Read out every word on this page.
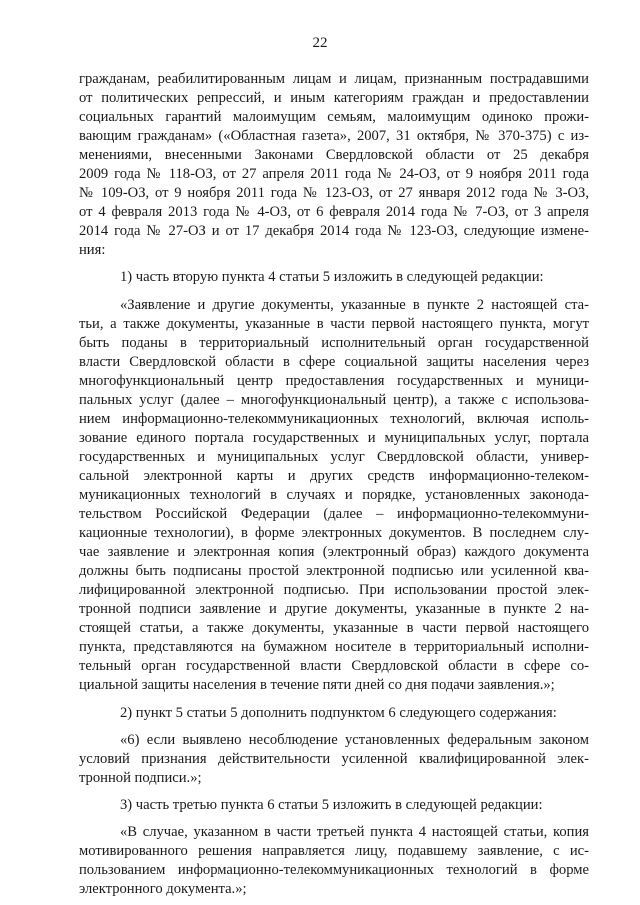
22
гражданам, реабилитированным лицам и лицам, признанным пострадавшими
от политических репрессий, и иным категориям граждан и предоставлении
социальных гарантий малоимущим семьям, малоимущим одиноко прожи-
вающим гражданам» («Областная газета», 2007, 31 октября, № 370-375) с из-
менениями, внесенными Законами Свердловской области от 25 декабря
2009 года № 118-ОЗ, от 27 апреля 2011 года № 24-ОЗ, от 9 ноября 2011 года
№ 109-ОЗ, от 9 ноября 2011 года № 123-ОЗ, от 27 января 2012 года № 3-ОЗ,
от 4 февраля 2013 года № 4-ОЗ, от 6 февраля 2014 года № 7-ОЗ, от 3 апреля
2014 года № 27-ОЗ и от 17 декабря 2014 года № 123-ОЗ, следующие измене-
ния:
1) часть вторую пункта 4 статьи 5 изложить в следующей редакции:
«Заявление и другие документы, указанные в пункте 2 настоящей ста-
тьи, а также документы, указанные в части первой настоящего пункта, могут
быть поданы в территориальный исполнительный орган государственной
власти Свердловской области в сфере социальной защиты населения через
многофункциональный центр предоставления государственных и муници-
пальных услуг (далее – многофункциональный центр), а также с использова-
нием информационно-телекоммуникационных технологий, включая исполь-
зование единого портала государственных и муниципальных услуг, портала
государственных и муниципальных услуг Свердловской области, универ-
сальной электронной карты и других средств информационно-телеком-
муникационных технологий в случаях и порядке, установленных законода-
тельством Российской Федерации (далее – информационно-телекоммуни-
кационные технологии), в форме электронных документов. В последнем слу-
чае заявление и электронная копия (электронный образ) каждого документа
должны быть подписаны простой электронной подписью или усиленной ква-
лифицированной электронной подписью. При использовании простой элек-
тронной подписи заявление и другие документы, указанные в пункте 2 на-
стоящей статьи, а также документы, указанные в части первой настоящего
пункта, представляются на бумажном носителе в территориальный исполни-
тельный орган государственной власти Свердловской области в сфере со-
циальной защиты населения в течение пяти дней со дня подачи заявления.»;
2) пункт 5 статьи 5 дополнить подпунктом 6 следующего содержания:
«6) если выявлено несоблюдение установленных федеральным законом
условий признания действительности усиленной квалифицированной элек-
тронной подписи.»;
3) часть третью пункта 6 статьи 5 изложить в следующей редакции:
«В случае, указанном в части третьей пункта 4 настоящей статьи, копия
мотивированного решения направляется лицу, подавшему заявление, с ис-
пользованием информационно-телекоммуникационных технологий в форме
электронного документа.»;
